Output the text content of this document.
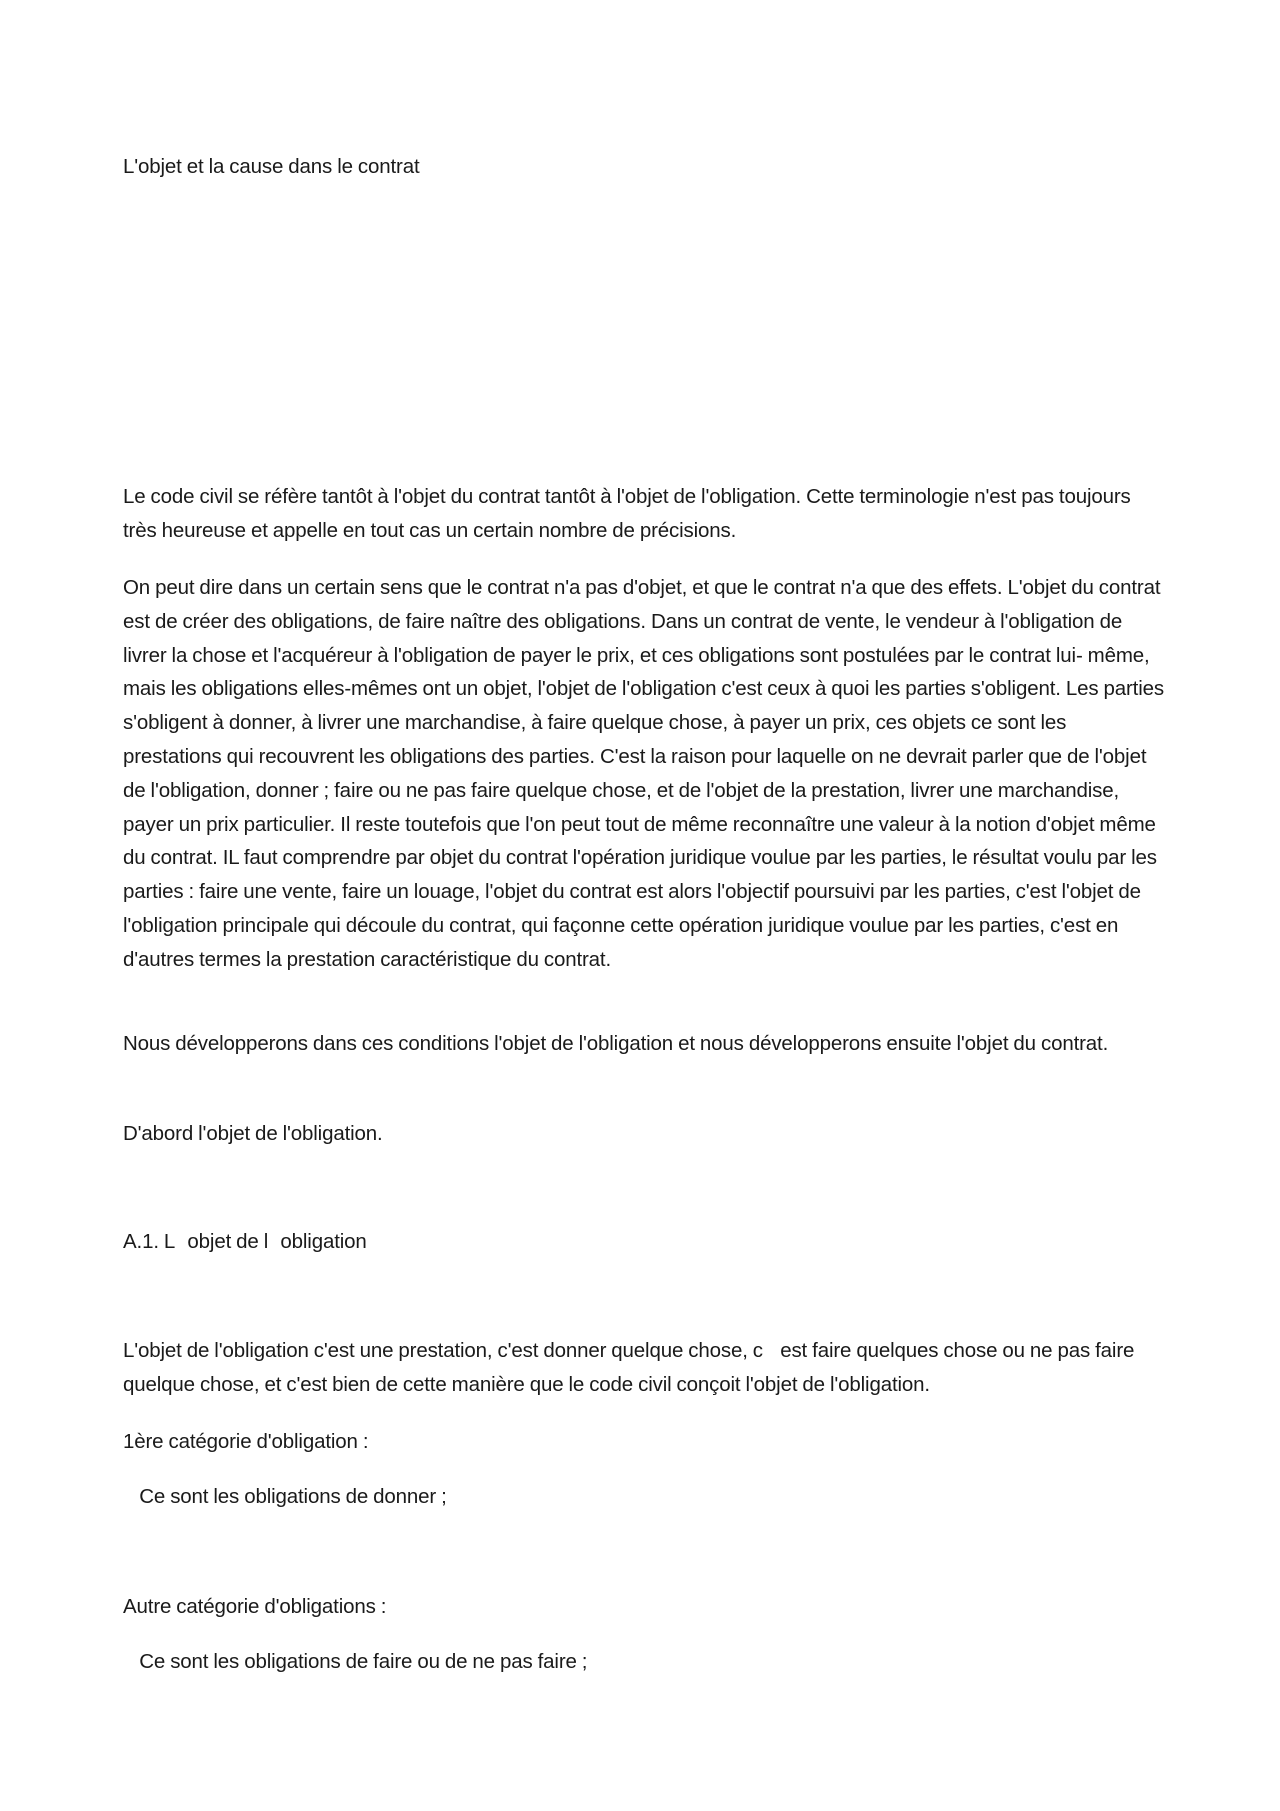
L'objet et la cause dans le contrat

Le code civil se réfère tantôt à l'objet du contrat tantôt à l'objet de l'obligation. Cette terminologie n'est pas toujours très heureuse et appelle en tout cas un certain nombre de précisions.

On peut dire dans un certain sens que le contrat n'a pas d'objet, et que le contrat n'a que des effets. L'objet du contrat est de créer des obligations, de faire naître des obligations. Dans un contrat de vente, le vendeur à l'obligation de livrer la chose et l'acquéreur à l'obligation de payer le prix, et ces obligations sont postulées par le contrat lui- même, mais les obligations elles-mêmes ont un objet, l'objet de l'obligation c'est ceux à quoi les parties s'obligent. Les parties s'obligent à donner, à livrer une marchandise, à faire quelque chose, à payer un prix, ces objets ce sont les prestations qui recouvrent les obligations des parties. C'est la raison pour laquelle on ne devrait parler que de l'objet de l'obligation, donner ; faire ou ne pas faire quelque chose, et de l'objet de la prestation, livrer une marchandise, payer un prix particulier. Il reste toutefois que l'on peut tout de même reconnaître une valeur à la notion d'objet même du contrat. IL faut comprendre par objet du contrat l'opération juridique voulue par les parties, le résultat voulu par les parties : faire une vente, faire un louage, l'objet du contrat est alors l'objectif poursuivi par les parties, c'est l'objet de l'obligation principale qui découle du contrat, qui façonne cette opération juridique voulue par les parties, c'est en d'autres termes la prestation caractéristique du contrat.

Nous développerons dans ces conditions l'objet de l'obligation et nous développerons ensuite l'objet du contrat.

D'abord l'objet de l'obligation.

A.1. Lobjet de lobligation

L'objet de l'obligation c'est une prestation, c'est donner quelque chose, c est faire quelques chose ou ne pas faire quelque chose, et c'est bien de cette manière que le code civil conçoit l'objet de l'obligation.

1ère catégorie d'obligation :

Ce sont les obligations de donner ;

Autre catégorie d'obligations :

Ce sont les obligations de faire ou de ne pas faire ;
